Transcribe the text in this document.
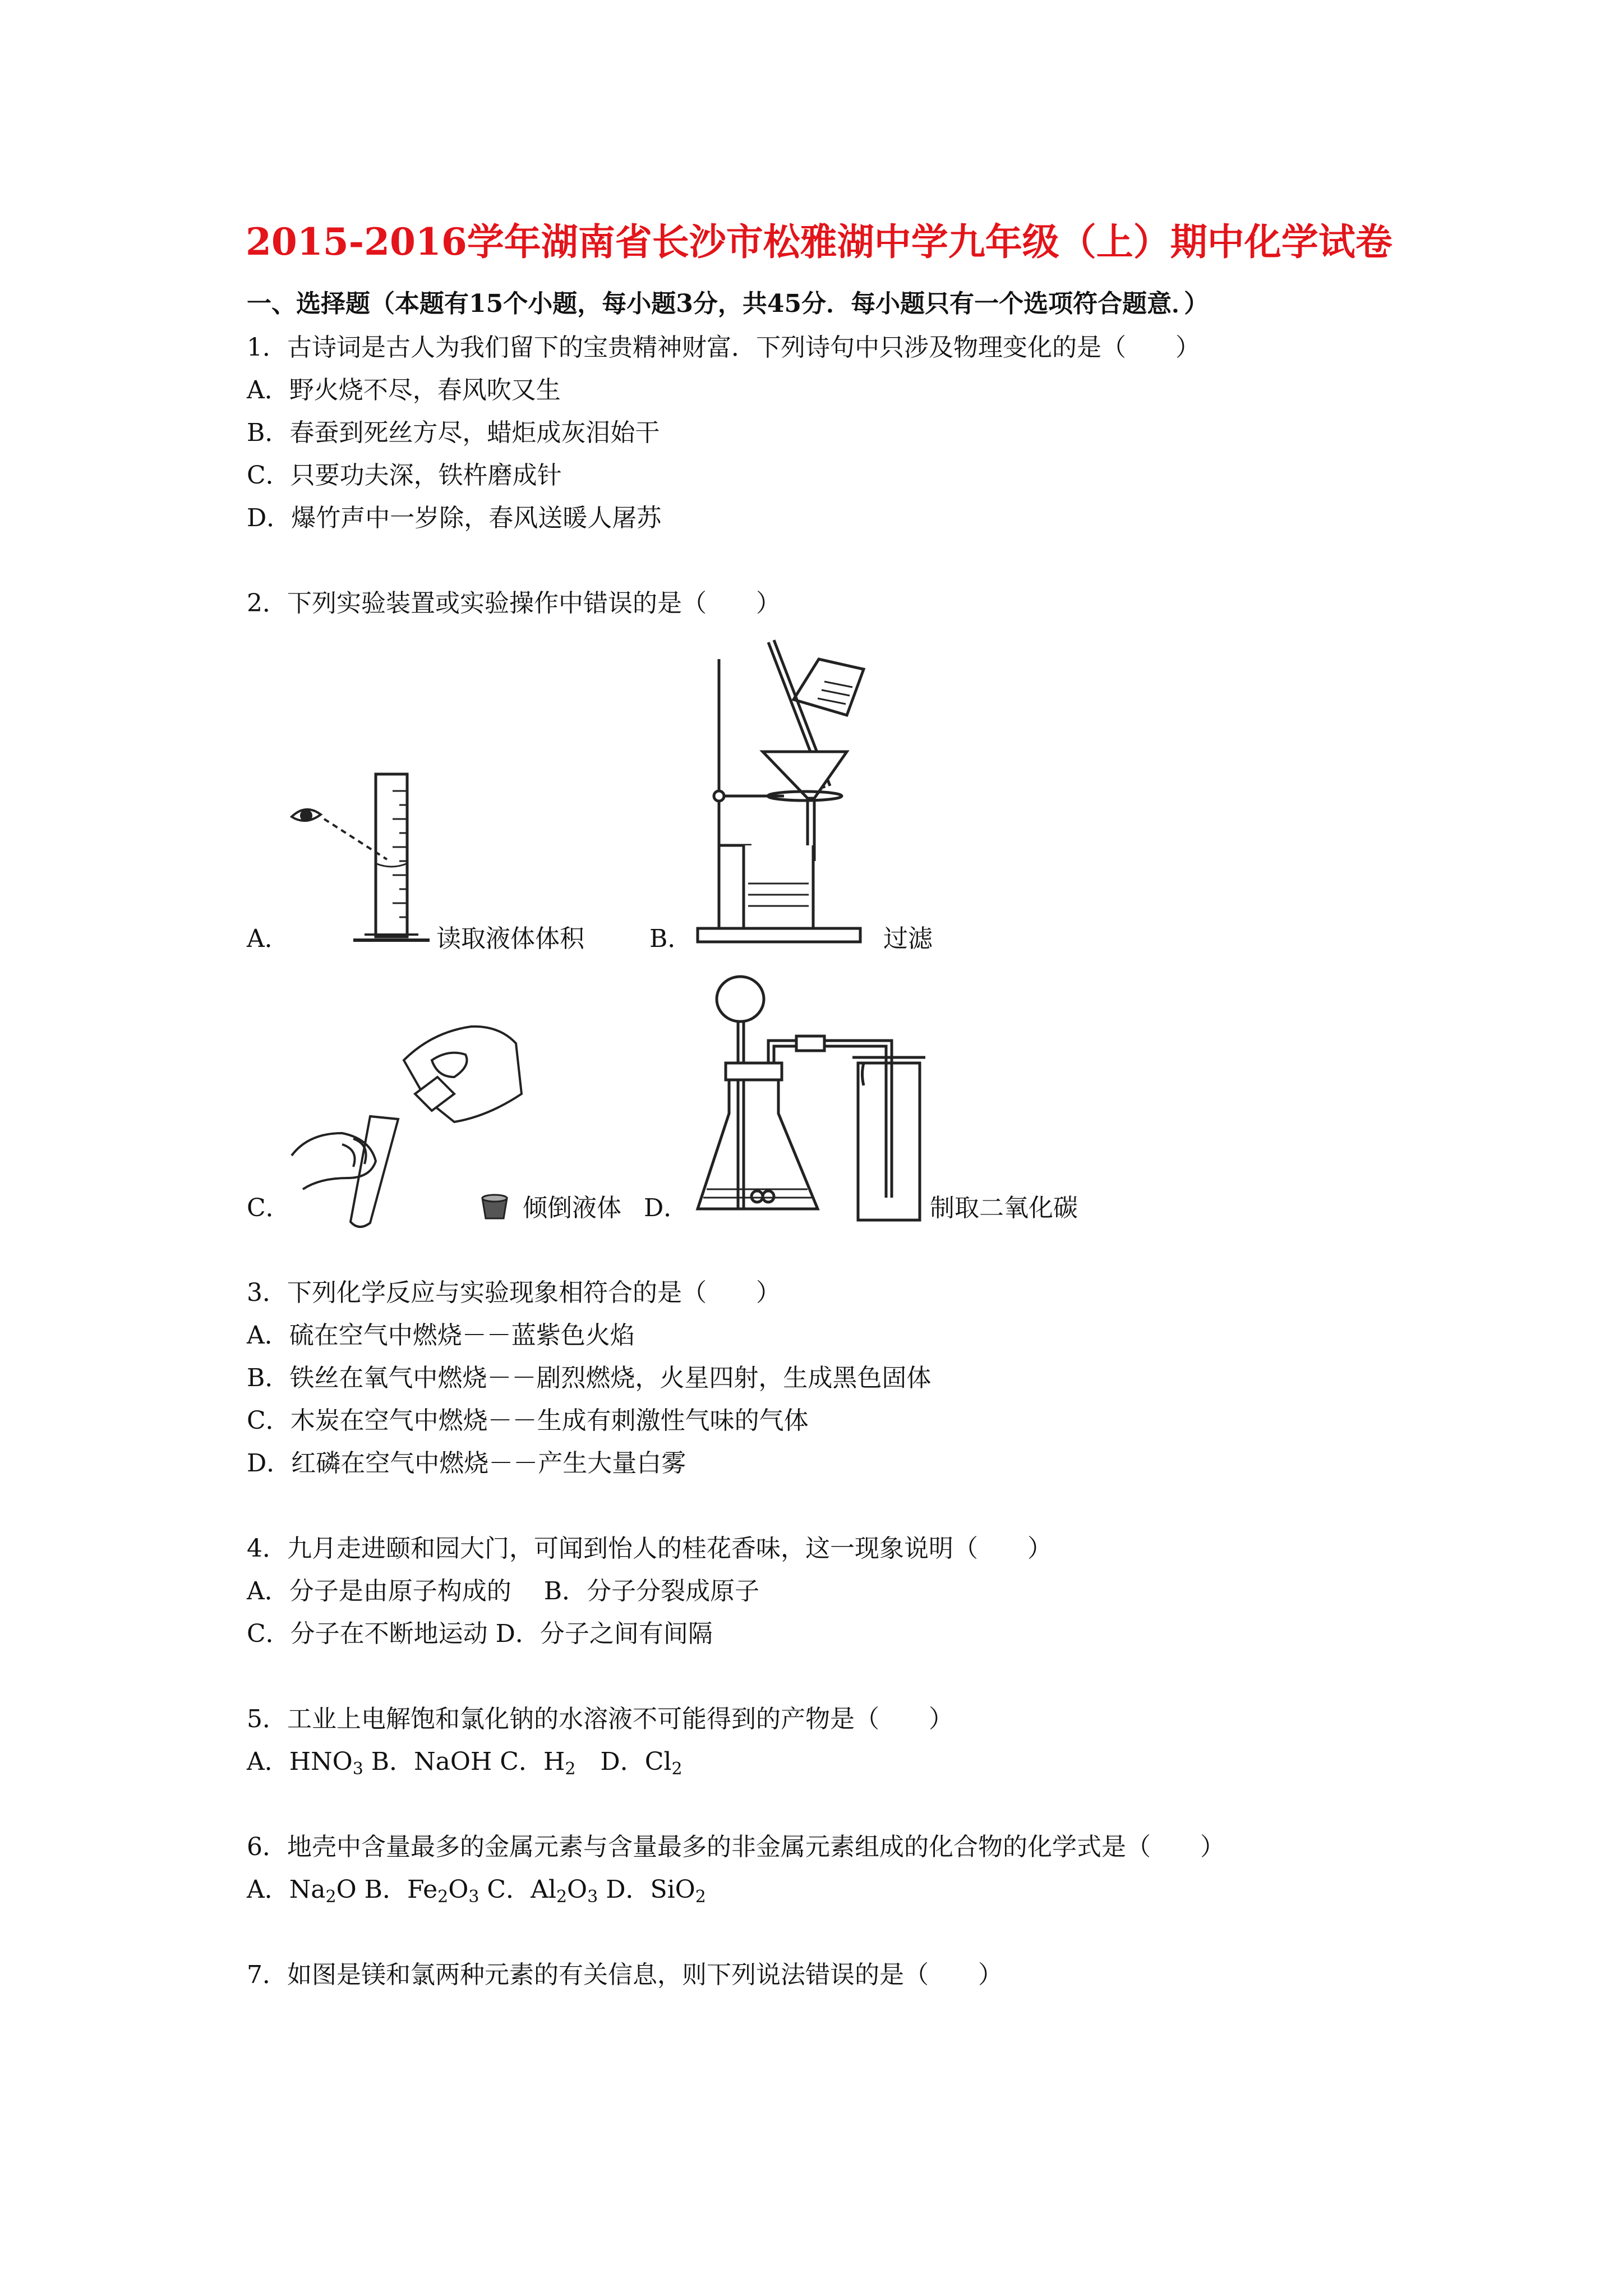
2015-2016学年湖南省长沙市松雅湖中学九年级（上）期中化学试卷
一、选择题（本题有15个小题，每小题3分，共45分．每小题只有一个选项符合题意．）
1．古诗词是古人为我们留下的宝贵精神财富．下列诗句中只涉及物理变化的是（　　）
A．野火烧不尽，春风吹又生
B．春蚕到死丝方尽，蜡炬成灰泪始干
C．只要功夫深，铁杵磨成针
D．爆竹声中一岁除，春风送暖人屠苏
2．下列实验装置或实验操作中错误的是（　　）
A．	读取液体体积	B．	过滤
C．	倾倒液体 D．	制取二氧化碳
3．下列化学反应与实验现象相符合的是（　　）
A．硫在空气中燃烧－－蓝紫色火焰
B．铁丝在氧气中燃烧－－剧烈燃烧，火星四射，生成黑色固体
C．木炭在空气中燃烧－－生成有刺激性气味的气体
D．红磷在空气中燃烧－－产生大量白雾
4．九月走进颐和园大门，可闻到怡人的桂花香味，这一现象说明（　　）
A．分子是由原子构成的　 B．分子分裂成原子
C．分子在不断地运动 D．分子之间有间隔
5．工业上电解饱和氯化钠的水溶液不可能得到的产物是（　　）
A．$HNO_3$ B．NaOH C．$H_2$　D．$Cl_2$
6．地壳中含量最多的金属元素与含量最多的非金属元素组成的化合物的化学式是（　　）
A．$Na_2O$ B．$Fe_2O_3$ C．$Al_2O_3$ D．SiO$_2$
7．如图是镁和氯两种元素的有关信息，则下列说法错误的是（　　）
